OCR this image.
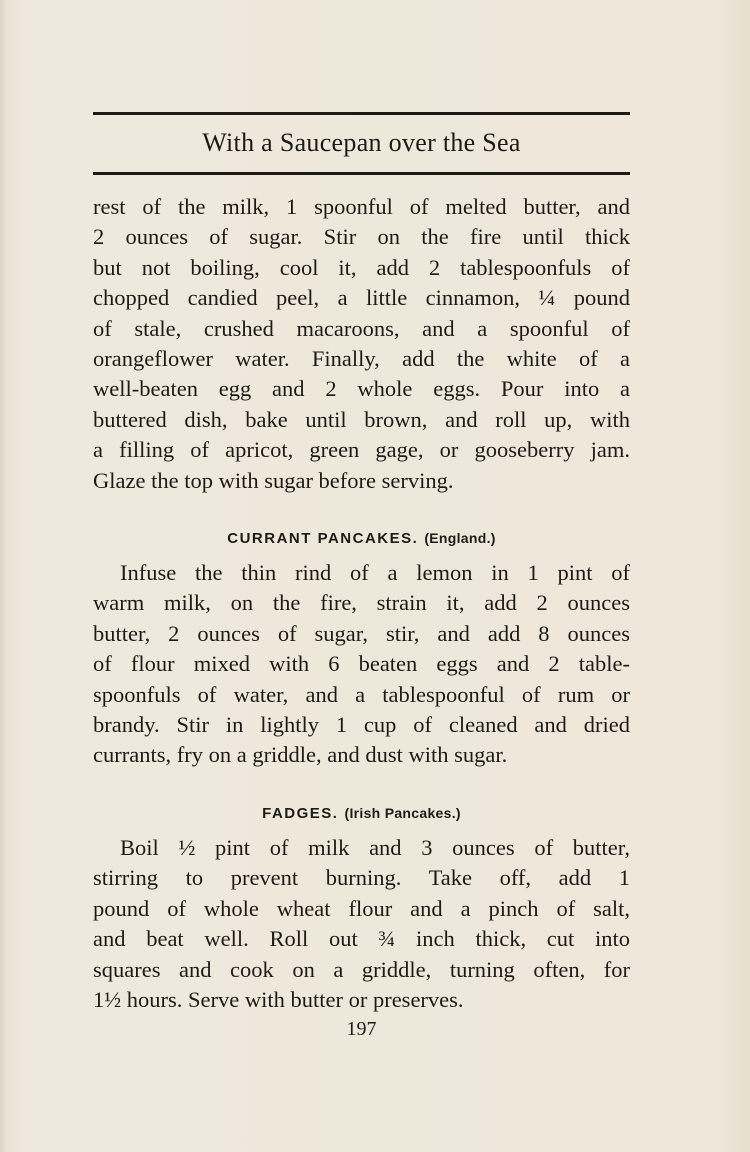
With a Saucepan over the Sea
rest of the milk, 1 spoonful of melted butter, and
2 ounces of sugar. Stir on the fire until thick
but not boiling, cool it, add 2 tablespoonfuls of
chopped candied peel, a little cinnamon, ¼ pound
of stale, crushed macaroons, and a spoonful of
orangeflower water. Finally, add the white of a
well-beaten egg and 2 whole eggs. Pour into a
buttered dish, bake until brown, and roll up, with
a filling of apricot, green gage, or gooseberry jam.
Glaze the top with sugar before serving.
CURRANT PANCAKES. (England.)
Infuse the thin rind of a lemon in 1 pint of
warm milk, on the fire, strain it, add 2 ounces
butter, 2 ounces of sugar, stir, and add 8 ounces
of flour mixed with 6 beaten eggs and 2 table-
spoonfuls of water, and a tablespoonful of rum or
brandy. Stir in lightly 1 cup of cleaned and dried
currants, fry on a griddle, and dust with sugar.
FADGES. (Irish Pancakes.)
Boil ½ pint of milk and 3 ounces of butter,
stirring to prevent burning. Take off, add 1
pound of whole wheat flour and a pinch of salt,
and beat well. Roll out ¾ inch thick, cut into
squares and cook on a griddle, turning often, for
1½ hours. Serve with butter or preserves.
197
